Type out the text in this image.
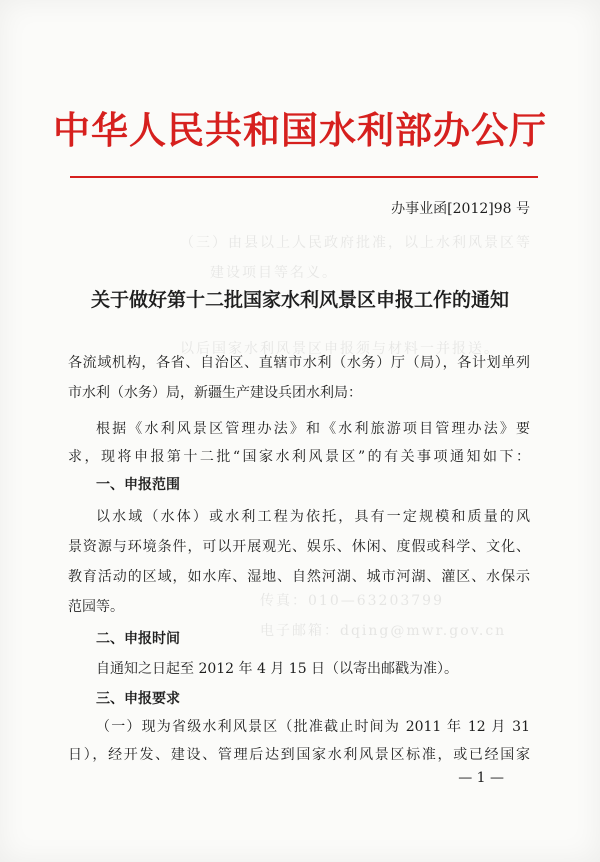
（三）由县以上人民政府批准，以上水利风景区等
建设项目等名义。
以后国家水利风景区申报须与材料一并报送。
传真：010—63203799
电子邮箱：dqing@mwr.gov.cn
中华人民共和国水利部办公厅
办事业函[2012]98 号
关于做好第十二批国家水利风景区申报工作的通知
各流域机构，各省、自治区、直辖市水利（水务）厅（局），各计划单列
市水利（水务）局，新疆生产建设兵团水利局：
根据《水利风景区管理办法》和《水利旅游项目管理办法》要
求，现将申报第十二批“国家水利风景区”的有关事项通知如下：
一、申报范围
以水域（水体）或水利工程为依托，具有一定规模和质量的风
景资源与环境条件，可以开展观光、娱乐、休闲、度假或科学、文化、
教育活动的区域，如水库、湿地、自然河湖、城市河湖、灌区、水保示
范园等。
二、申报时间
自通知之日起至 2012 年 4 月 15 日（以寄出邮戳为准）。
三、申报要求
（一）现为省级水利风景区（批准截止时间为 2011 年 12 月 31
日），经开发、建设、管理后达到国家水利风景区标准，或已经国家
— 1 —
